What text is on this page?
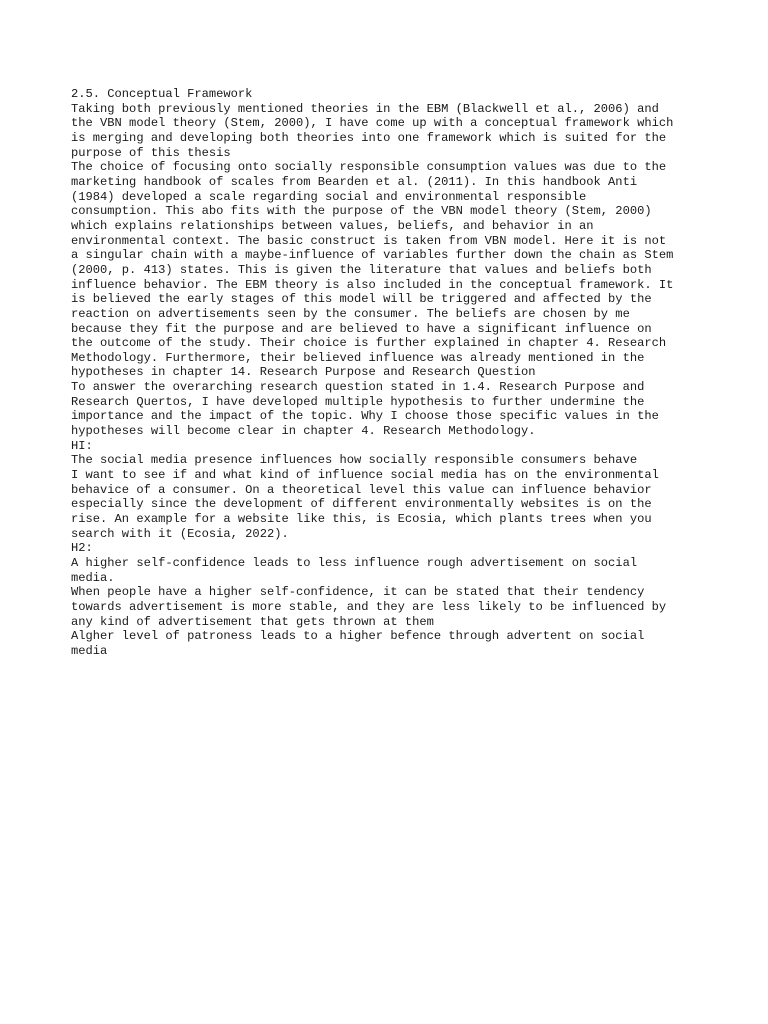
2.5. Conceptual Framework
Taking both previously mentioned theories in the EBM (Blackwell et al., 2006) and
the VBN model theory (Stem, 2000), I have come up with a conceptual framework which
is merging and developing both theories into one framework which is suited for the
purpose of this thesis
The choice of focusing onto socially responsible consumption values was due to the
marketing handbook of scales from Bearden et al. (2011). In this handbook Anti
(1984) developed a scale regarding social and environmental responsible
consumption. This abo fits with the purpose of the VBN model theory (Stem, 2000)
which explains relationships between values, beliefs, and behavior in an
environmental context. The basic construct is taken from VBN model. Here it is not
a singular chain with a maybe-influence of variables further down the chain as Stem
(2000, p. 413) states. This is given the literature that values and beliefs both
influence behavior. The EBM theory is also included in the conceptual framework. It
is believed the early stages of this model will be triggered and affected by the
reaction on advertisements seen by the consumer. The beliefs are chosen by me
because they fit the purpose and are believed to have a significant influence on
the outcome of the study. Their choice is further explained in chapter 4. Research
Methodology. Furthermore, their believed influence was already mentioned in the
hypotheses in chapter 14. Research Purpose and Research Question
To answer the overarching research question stated in 1.4. Research Purpose and
Research Quertos, I have developed multiple hypothesis to further undermine the
importance and the impact of the topic. Why I choose those specific values in the
hypotheses will become clear in chapter 4. Research Methodology.
HI:
The social media presence influences how socially responsible consumers behave
I want to see if and what kind of influence social media has on the environmental
behavice of a consumer. On a theoretical level this value can influence behavior
especially since the development of different environmentally websites is on the
rise. An example for a website like this, is Ecosia, which plants trees when you
search with it (Ecosia, 2022).
H2:
A higher self-confidence leads to less influence rough advertisement on social
media.
When people have a higher self-confidence, it can be stated that their tendency
towards advertisement is more stable, and they are less likely to be influenced by
any kind of advertisement that gets thrown at them
Algher level of patroness leads to a higher befence through advertent on social
media
